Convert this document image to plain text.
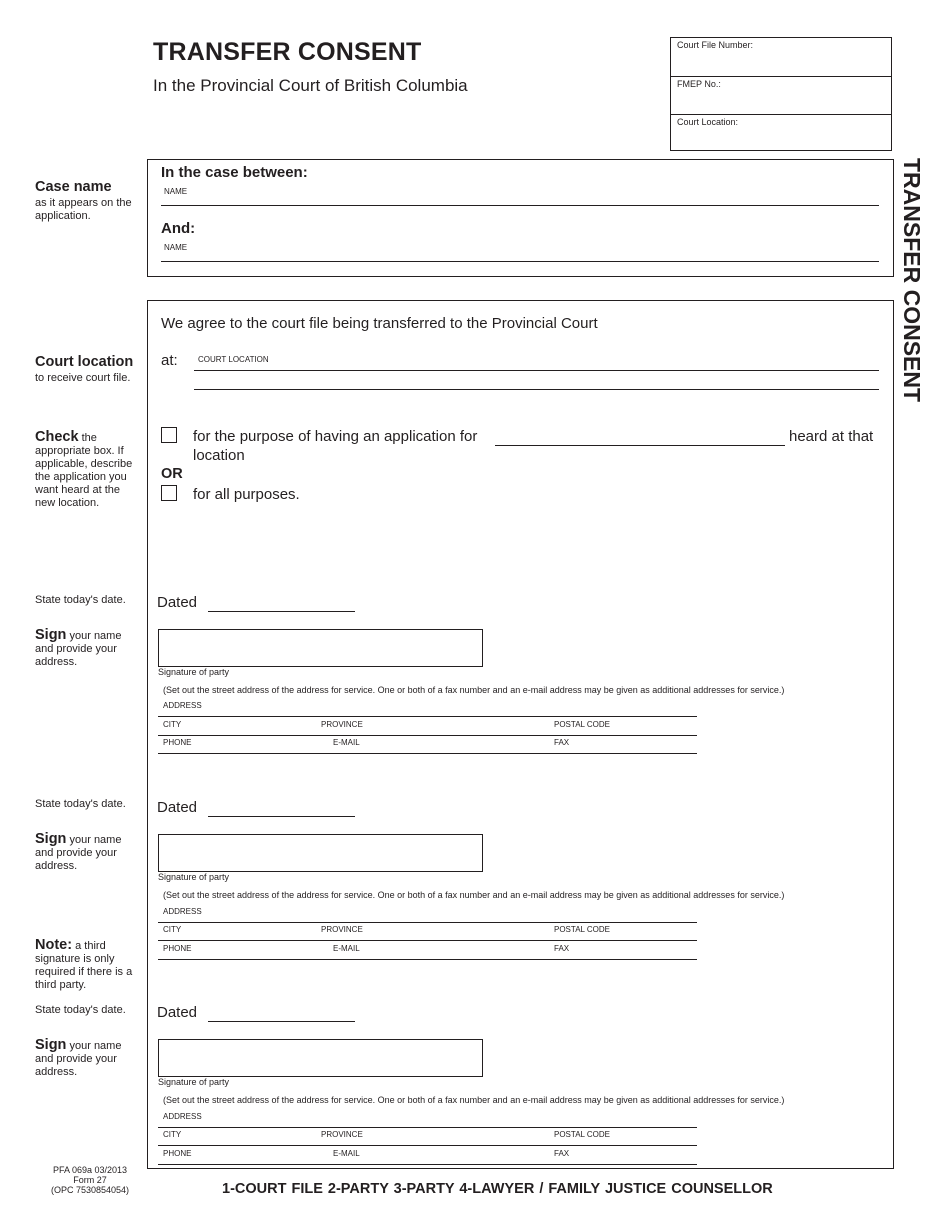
TRANSFER CONSENT
In the Provincial Court of British Columbia
Court File Number:
FMEP No.:
Court Location:
TRANSFER CONSENT
Case name
as it appears on the application.
In the case between:
NAME
And:
NAME
We agree to the court file being transferred to the Provincial Court
Court location
to receive court file.
at:	COURT LOCATION
Check the appropriate box. If applicable, describe the application you want heard at the new location.
for the purpose of having an application for	heard at that
location
OR
for all purposes.
State today's date. Dated
Sign your name and provide your address.
Signature of party
(Set out the street address of the address for service. One or both of a fax number and an e-mail address may be given as additional addresses for service.)
ADDRESS
CITY	PROVINCE	POSTAL CODE
PHONE	E-MAIL	FAX
State today's date. Dated
Sign your name and provide your address.
Signature of party
(Set out the street address of the address for service. One or both of a fax number and an e-mail address may be given as additional addresses for service.)
ADDRESS
CITY	PROVINCE	POSTAL CODE
PHONE	E-MAIL	FAX
Note: a third signature is only required if there is a third party.
State today's date. Dated
Sign your name and provide your address.
Signature of party
(Set out the street address of the address for service. One or both of a fax number and an e-mail address may be given as additional addresses for service.)
ADDRESS
CITY	PROVINCE	POSTAL CODE
PHONE	E-MAIL	FAX
PFA 069a 03/2013
Form 27
(OPC 7530854054)	1-COURT FILE 2-PARTY 3-PARTY 4-LAWYER / FAMILY JUSTICE COUNSELLOR
